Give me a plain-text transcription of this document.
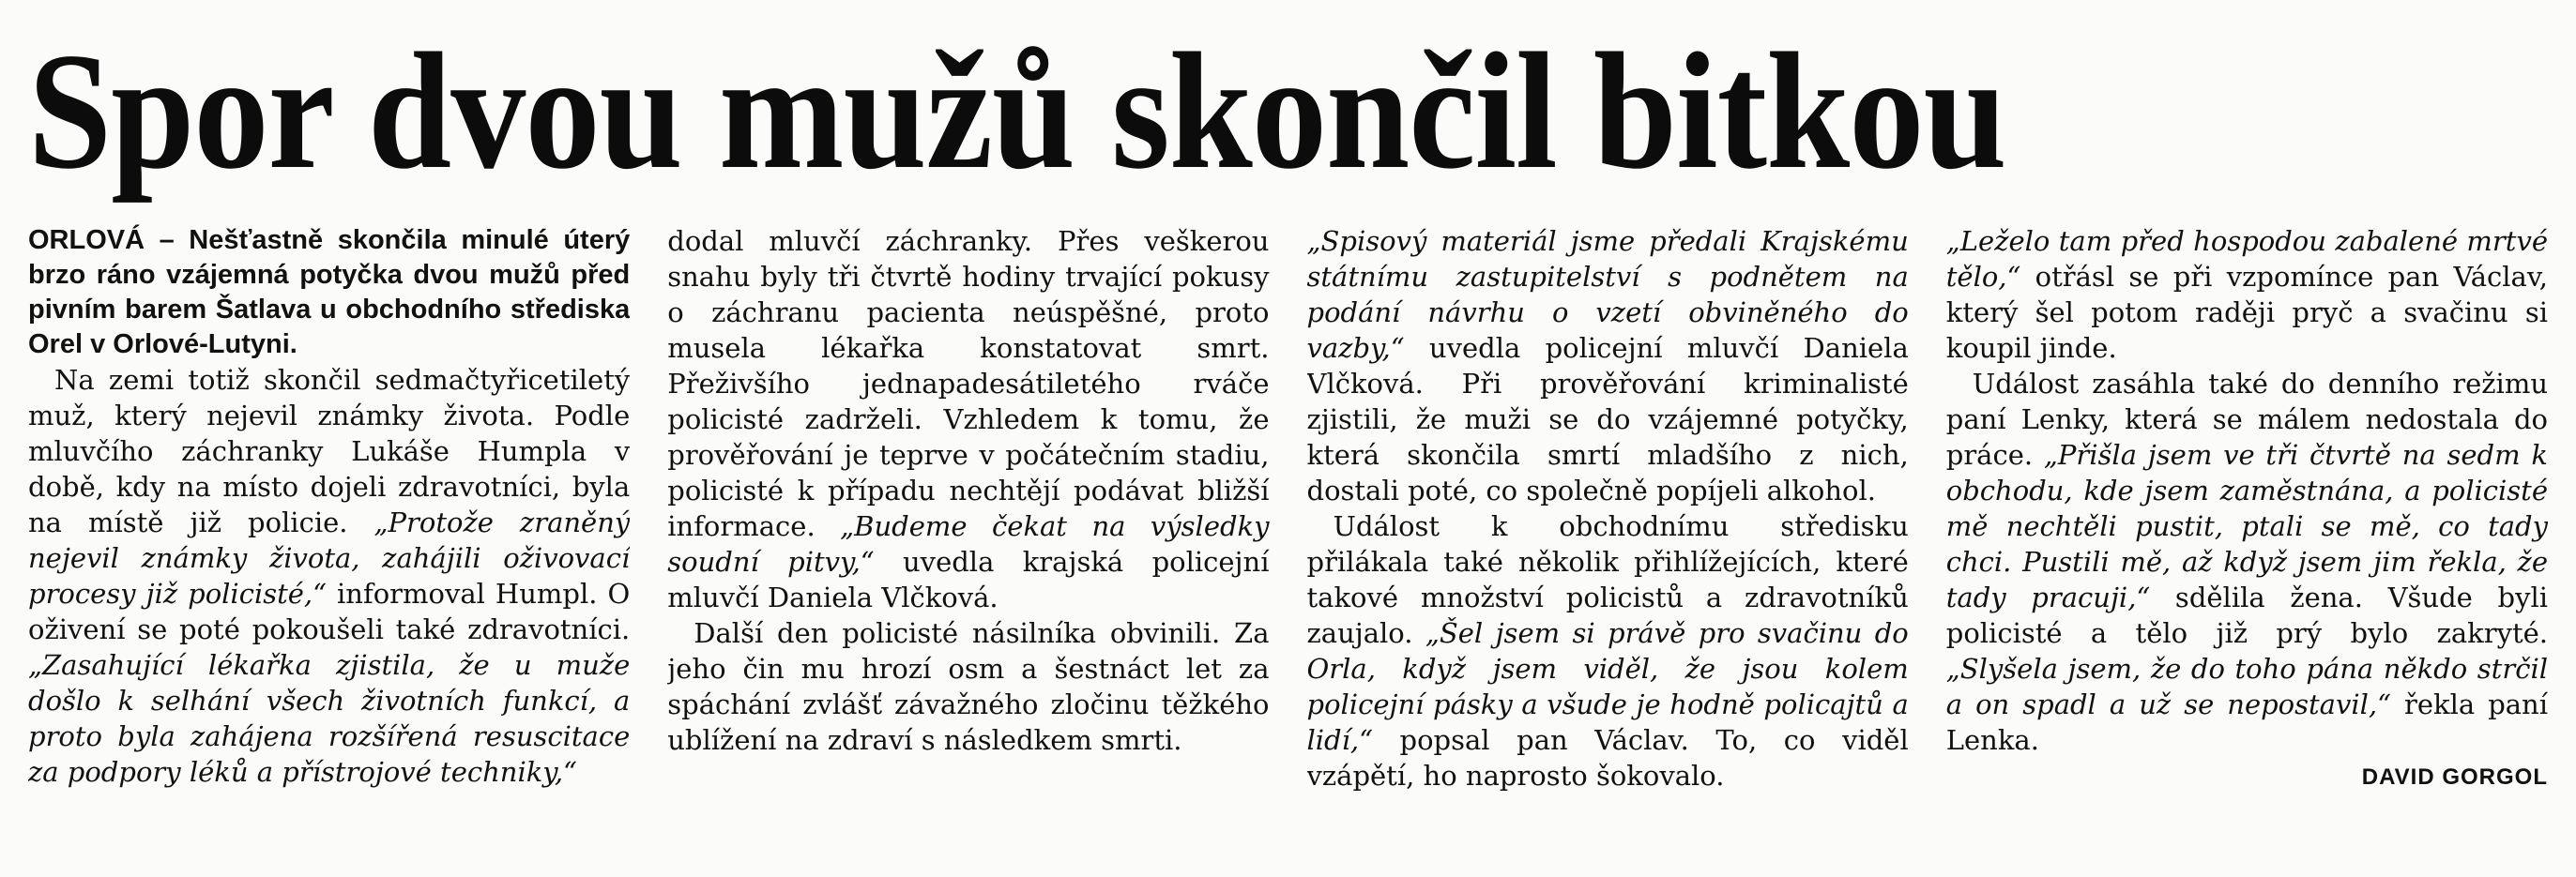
Spor dvou mužů skončil bitkou

ORLOVÁ – Nešťastně skončila minulé úterý brzo ráno vzájemná potyčka dvou mužů před pivním barem Šatlava u obchodního střediska Orel v Orlové-Lutyni.

Na zemi totiž skončil sedmačtyřicetiletý muž, který nejevil známky života. Podle mluvčího záchranky Lukáše Humpla v době, kdy na místo dojeli zdravotníci, byla na místě již policie. „Protože zraněný nejevil známky života, zahájili oživovací procesy již policisté,“ informoval Humpl. O oživení se poté pokoušeli také zdravotníci. „Zasahující lékařka zjistila, že u muže došlo k selhání všech životních funkcí, a proto byla zahájena rozšířená resuscitace za podpory léků a přístrojové techniky,“

dodal mluvčí záchranky. Přes veškerou snahu byly tři čtvrtě hodiny trvající pokusy o záchranu pacienta neúspěšné, proto musela lékařka konstatovat smrt. Přeživšího jednapadesátiletého rváče policisté zadrželi. Vzhledem k tomu, že prověřování je teprve v počátečním stadiu, policisté k případu nechtějí podávat bližší informace. „Budeme čekat na výsledky soudní pitvy,“ uvedla krajská policejní mluvčí Daniela Vlčková.

Další den policisté násilníka obvinili. Za jeho čin mu hrozí osm a šestnáct let za spáchání zvlášť závažného zločinu těžkého ublížení na zdraví s následkem smrti.

„Spisový materiál jsme předali Krajskému státnímu zastupitelství s podnětem na podání návrhu o vzetí obviněného do vazby,“ uvedla policejní mluvčí Daniela Vlčková. Při prověřování kriminalisté zjistili, že muži se do vzájemné potyčky, která skončila smrtí mladšího z nich, dostali poté, co společně popíjeli alkohol.

Událost k obchodnímu středisku přilákala také několik přihlížejících, které takové množství policistů a zdravotníků zaujalo. „Šel jsem si právě pro svačinu do Orla, když jsem viděl, že jsou kolem policejní pásky a všude je hodně policajtů a lidí,“ popsal pan Václav. To, co viděl vzápětí, ho naprosto šokovalo.

„Leželo tam před hospodou zabalené mrtvé tělo,“ otřásl se při vzpomínce pan Václav, který šel potom raději pryč a svačinu si koupil jinde.

Událost zasáhla také do denního režimu paní Lenky, která se málem nedostala do práce. „Přišla jsem ve tři čtvrtě na sedm k obchodu, kde jsem zaměstnána, a policisté mě nechtěli pustit, ptali se mě, co tady chci. Pustili mě, až když jsem jim řekla, že tady pracuji,“ sdělila žena. Všude byli policisté a tělo již prý bylo zakryté. „Slyšela jsem, že do toho pána někdo strčil a on spadl a už se nepostavil,“ řekla paní Lenka.

DAVID GORGOL
